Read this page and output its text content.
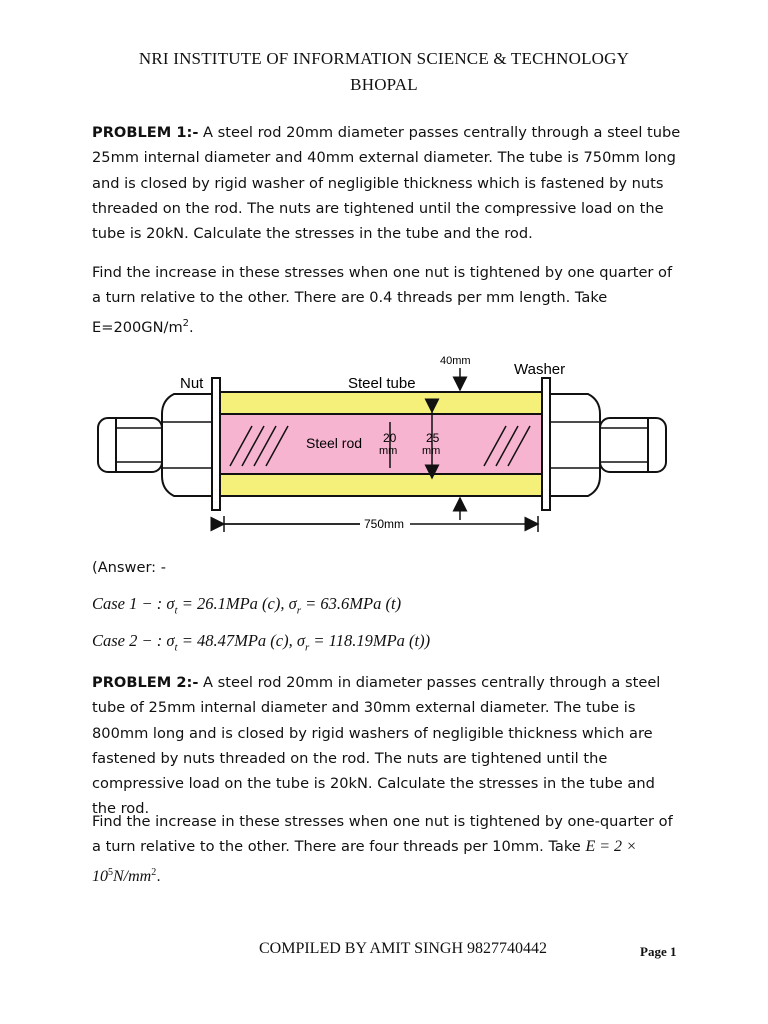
NRI INSTITUTE OF INFORMATION SCIENCE & TECHNOLOGY
BHOPAL
PROBLEM 1:- A steel rod 20mm diameter passes centrally through a steel tube 25mm internal diameter and 40mm external diameter. The tube is 750mm long and is closed by rigid washer of negligible thickness which is fastened by nuts threaded on the rod. The nuts are tightened until the compressive load on the tube is 20kN. Calculate the stresses in the tube and the rod.
Find the increase in these stresses when one nut is tightened by one quarter of a turn relative to the other. There are 0.4 threads per mm length. Take $E=200GN/m^2$.
Nut	Steel tube
40mm	Washer
Steel rod 20
mm
25
mm
750mm
(Answer: -
Case 1 − : $\sigma_t = 26.1MPa$ (c), $\sigma_r = 63.6MPa$ (t)
Case 2 − : $\sigma_t = 48.47MPa$ (c), $\sigma_r = 118.19MPa$ (t))
PROBLEM 2:- A steel rod 20mm in diameter passes centrally through a steel tube of 25mm internal diameter and 30mm external diameter. The tube is 800mm long and is closed by rigid washers of negligible thickness which are fastened by nuts threaded on the rod. The nuts are tightened until the compressive load on the tube is 20kN. Calculate the stresses in the tube and the rod.
Find the increase in these stresses when one nut is tightened by one-quarter of a turn relative to the other. There are four threads per 10mm. Take $E = 2 \times 10^5N/mm^2$.
COMPILED BY AMIT SINGH 9827740442	Page 1
